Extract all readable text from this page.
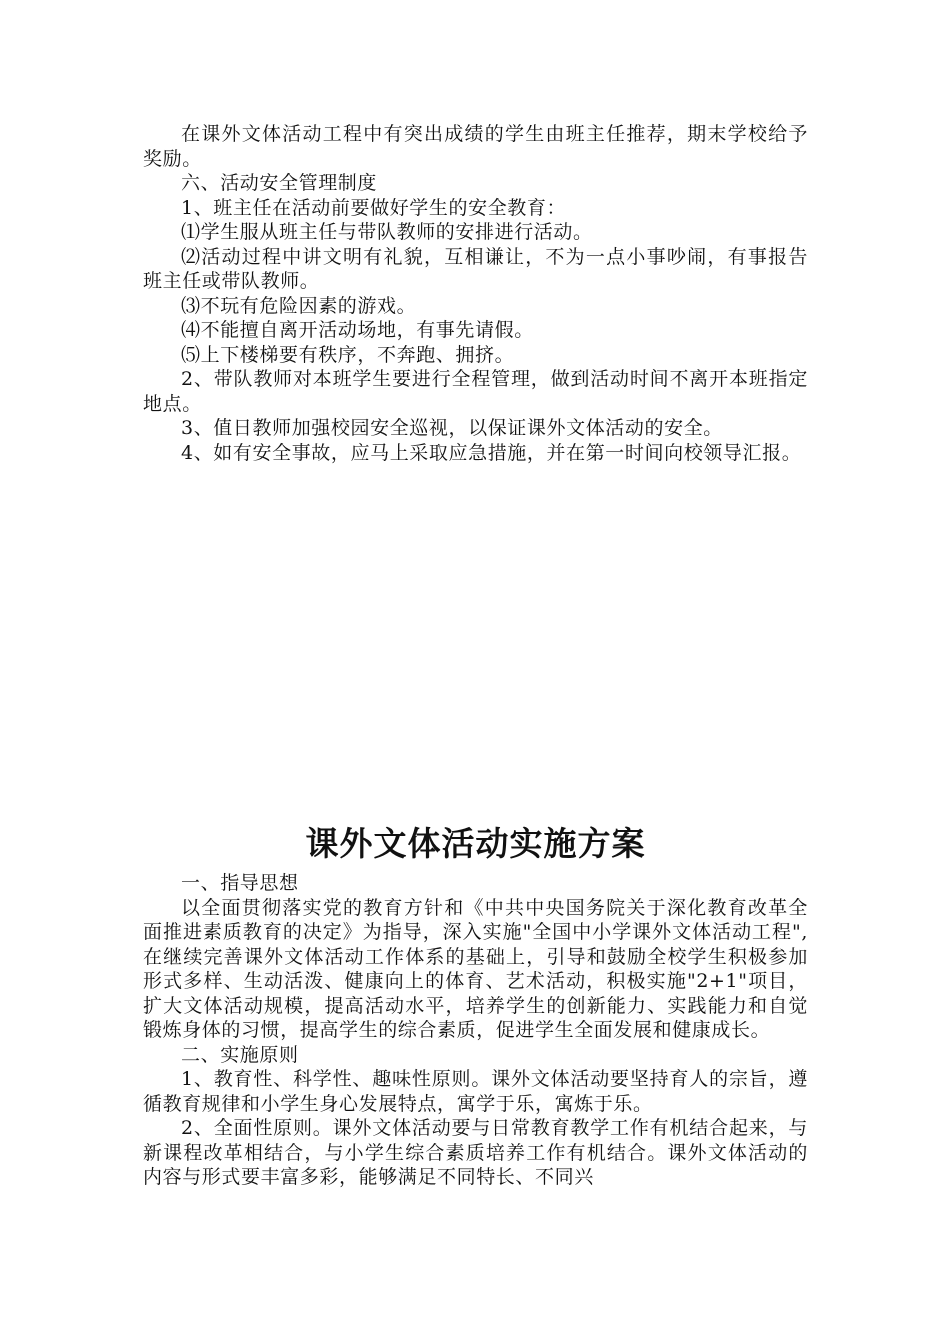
在课外文体活动工程中有突出成绩的学生由班主任推荐，期末学校给予奖励。

六、活动安全管理制度

1、班主任在活动前要做好学生的安全教育：

⑴学生服从班主任与带队教师的安排进行活动。

⑵活动过程中讲文明有礼貌，互相谦让，不为一点小事吵闹，有事报告班主任或带队教师。

⑶不玩有危险因素的游戏。

⑷不能擅自离开活动场地，有事先请假。

⑸上下楼梯要有秩序，不奔跑、拥挤。

2、带队教师对本班学生要进行全程管理，做到活动时间不离开本班指定地点。

3、值日教师加强校园安全巡视，以保证课外文体活动的安全。

4、如有安全事故，应马上采取应急措施，并在第一时间向校领导汇报。

课外文体活动实施方案

一、指导思想

以全面贯彻落实党的教育方针和《中共中央国务院关于深化教育改革全面推进素质教育的决定》为指导，深入实施"全国中小学课外文体活动工程",在继续完善课外文体活动工作体系的基础上，引导和鼓励全校学生积极参加形式多样、生动活泼、健康向上的体育、艺术活动，积极实施"2+1"项目，扩大文体活动规模，提高活动水平，培养学生的创新能力、实践能力和自觉锻炼身体的习惯，提高学生的综合素质，促进学生全面发展和健康成长。

二、实施原则

1、教育性、科学性、趣味性原则。课外文体活动要坚持育人的宗旨，遵循教育规律和小学生身心发展特点，寓学于乐，寓炼于乐。

2、全面性原则。课外文体活动要与日常教育教学工作有机结合起来，与新课程改革相结合，与小学生综合素质培养工作有机结合。课外文体活动的内容与形式要丰富多彩，能够满足不同特长、不同兴
